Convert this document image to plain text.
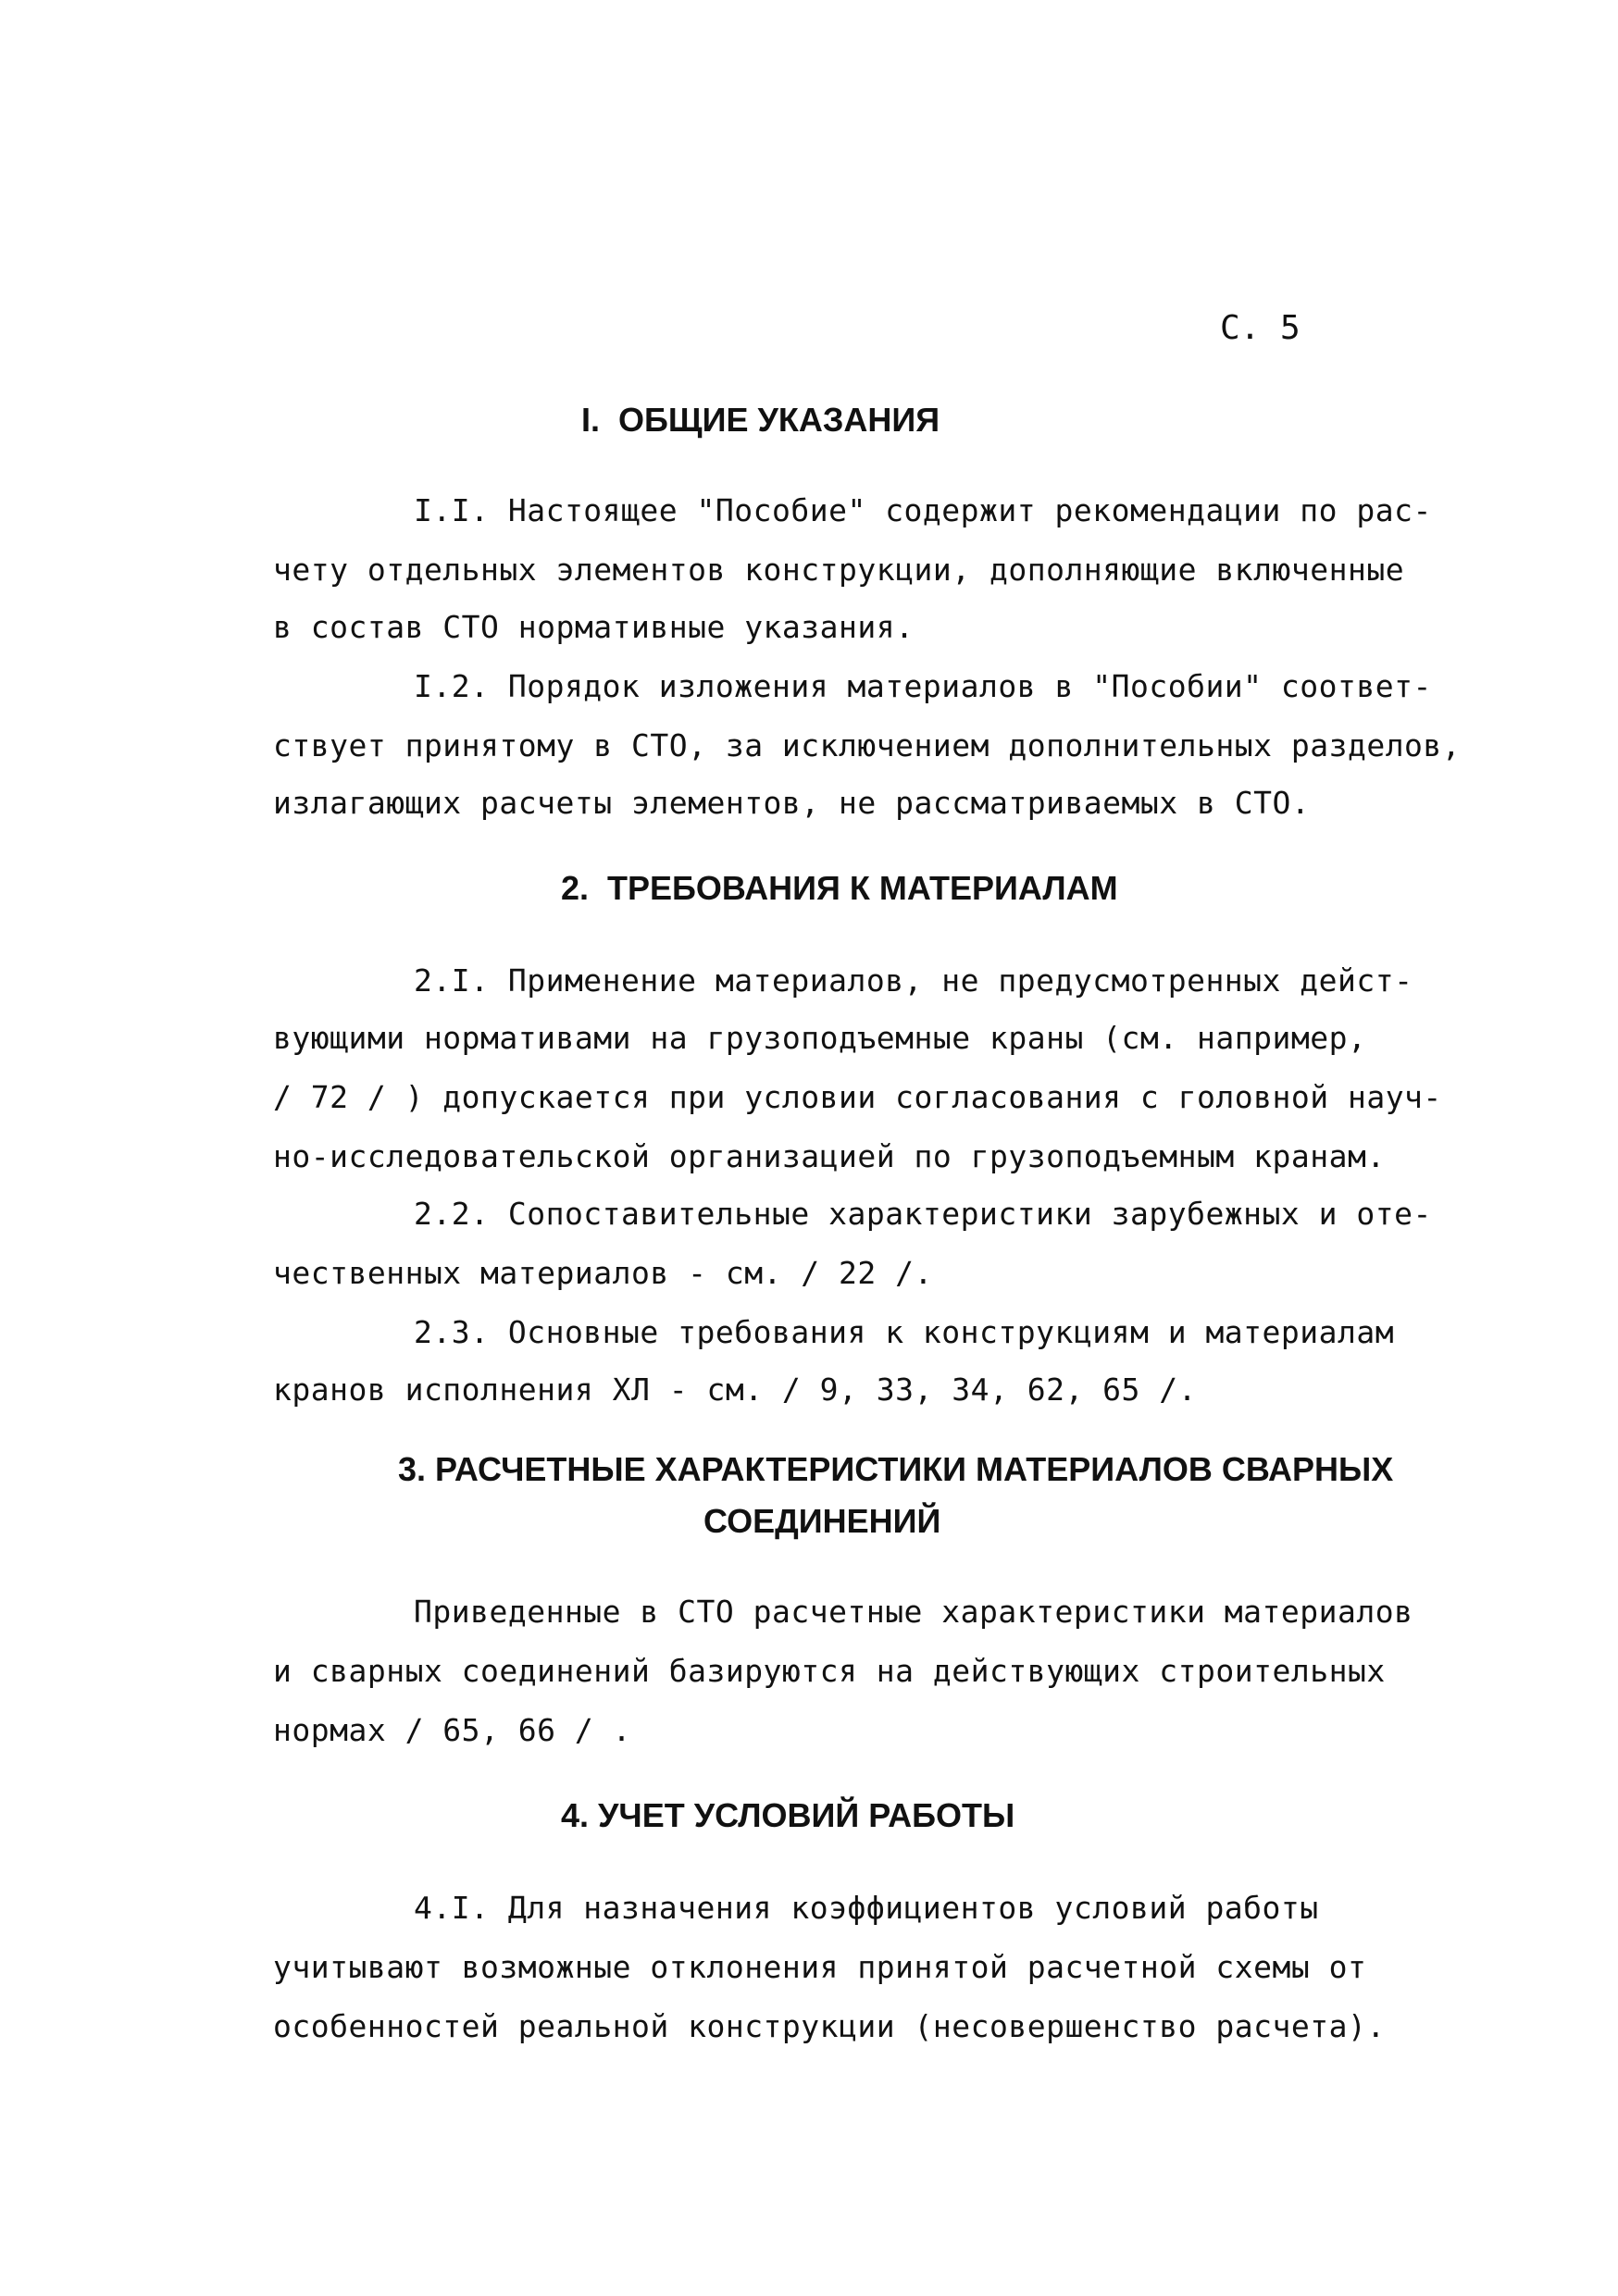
С. 5
I.  ОБЩИЕ УКАЗАНИЯ
I.I. Настоящее "Пособие" содержит рекомендации по рас-
чету отдельных элементов конструкции, дополняющие включенные
в состав СТО нормативные указания.
I.2. Порядок изложения материалов в "Пособии" соответ-
ствует принятому в СТО, за исключением дополнительных разделов,
излагающих расчеты элементов, не рассматриваемых в СТО.
2.  ТРЕБОВАНИЯ К МАТЕРИАЛАМ
2.I. Применение материалов, не предусмотренных дейст-
вующими нормативами на грузоподъемные краны (см. например,
/ 72 / ) допускается при условии согласования с головной науч-
но-исследовательской организацией по грузоподъемным кранам.
2.2. Сопоставительные характеристики зарубежных и оте-
чественных материалов - см. / 22 /.
2.3. Основные требования к конструкциям и материалам
кранов исполнения ХЛ - см. / 9, 33, 34, 62, 65 /.
3. РАСЧЕТНЫЕ ХАРАКТЕРИСТИКИ МАТЕРИАЛОВ СВАРНЫХ
СОЕДИНЕНИЙ
Приведенные в СТО расчетные характеристики материалов
и сварных соединений базируются на действующих строительных
нормах / 65, 66 / .
4. УЧЕТ УСЛОВИЙ РАБОТЫ
4.I. Для назначения коэффициентов условий работы
учитывают возможные отклонения принятой расчетной схемы от
особенностей реальной конструкции (несовершенство расчета).
